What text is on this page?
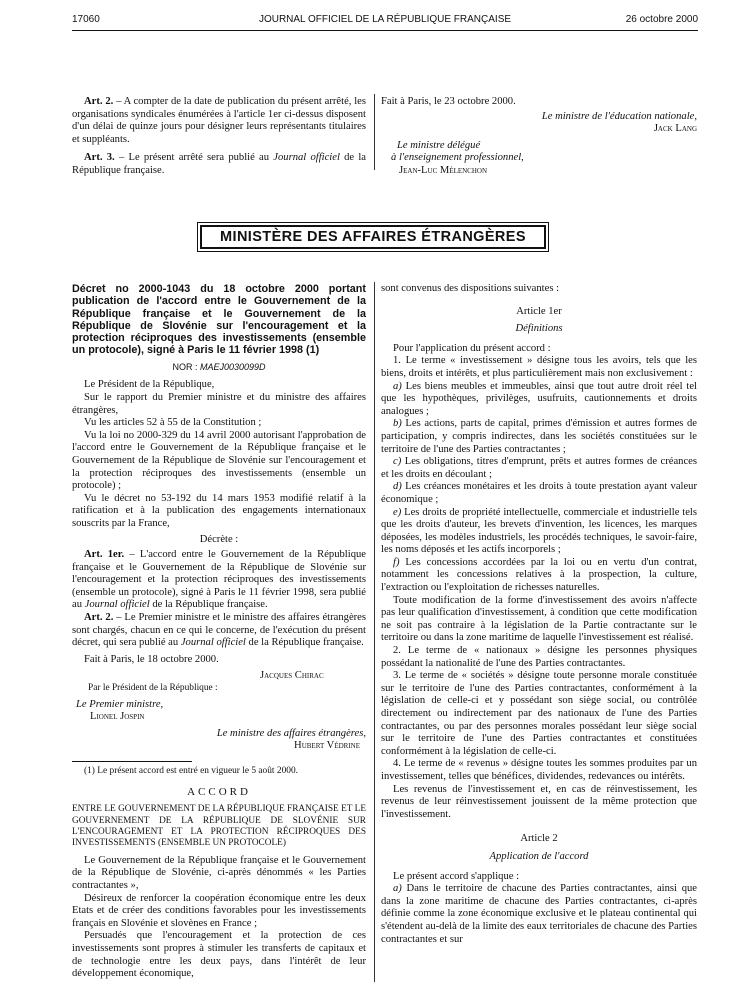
17060	JOURNAL OFFICIEL DE LA RÉPUBLIQUE FRANÇAISE	26 octobre 2000

Art. 2. – A compter de la date de publication du présent arrêté, les organisations syndicales énumérées à l'article 1er ci-dessus disposent d'un délai de quinze jours pour désigner leurs représentants titulaires et suppléants.

Art. 3. – Le présent arrêté sera publié au Journal officiel de la République française.

Fait à Paris, le 23 octobre 2000.

Le ministre de l'éducation nationale,

Jack Lang

Le ministre délégué

à l'enseignement professionnel,

Jean-Luc Mélenchon

MINISTÈRE DES AFFAIRES ÉTRANGÈRES

Décret no 2000-1043 du 18 octobre 2000 portant publication de l'accord entre le Gouvernement de la République française et le Gouvernement de la République de Slovénie sur l'encouragement et la protection réciproques des investissements (ensemble un protocole), signé à Paris le 11 février 1998 (1)

NOR : MAEJ0030099D

Le Président de la République,

Sur le rapport du Premier ministre et du ministre des affaires étrangères,

Vu les articles 52 à 55 de la Constitution ;

Vu la loi no 2000-329 du 14 avril 2000 autorisant l'approbation de l'accord entre le Gouvernement de la République française et le Gouvernement de la République de Slovénie sur l'encouragement et la protection réciproques des investissements (ensemble un protocole) ;

Vu le décret no 53-192 du 14 mars 1953 modifié relatif à la ratification et à la publication des engagements internationaux souscrits par la France,

Décrète :

Art. 1er. – L'accord entre le Gouvernement de la République française et le Gouvernement de la République de Slovénie sur l'encouragement et la protection réciproques des investissements (ensemble un protocole), signé à Paris le 11 février 1998, sera publié au Journal officiel de la République française.

Art. 2. – Le Premier ministre et le ministre des affaires étrangères sont chargés, chacun en ce qui le concerne, de l'exécution du présent décret, qui sera publié au Journal officiel de la République française.

Fait à Paris, le 18 octobre 2000.

Jacques Chirac

Par le Président de la République :

Le Premier ministre,

Lionel Jospin

Le ministre des affaires étrangères,

Hubert Védrine

(1) Le présent accord est entré en vigueur le 5 août 2000.

ACCORD

ENTRE LE GOUVERNEMENT DE LA RÉPUBLIQUE FRANÇAISE ET LE GOUVERNEMENT DE LA RÉPUBLIQUE DE SLOVÉNIE SUR L'ENCOURAGEMENT ET LA PROTECTION RÉCIPROQUES DES INVESTISSEMENTS (ENSEMBLE UN PROTOCOLE)

Le Gouvernement de la République française et le Gouvernement de la République de Slovénie, ci-après dénommés « les Parties contractantes »,

Désireux de renforcer la coopération économique entre les deux Etats et de créer des conditions favorables pour les investissements français en Slovénie et slovènes en France ;

Persuadés que l'encouragement et la protection de ces investissements sont propres à stimuler les transferts de capitaux et de technologie entre les deux pays, dans l'intérêt de leur développement économique,

sont convenus des dispositions suivantes :

Article 1er

Définitions

Pour l'application du présent accord :

1. Le terme « investissement » désigne tous les avoirs, tels que les biens, droits et intérêts, et plus particulièrement mais non exclusivement :

a) Les biens meubles et immeubles, ainsi que tout autre droit réel tel que les hypothèques, privilèges, usufruits, cautionnements et droits analogues ;

b) Les actions, parts de capital, primes d'émission et autres formes de participation, y compris indirectes, dans les sociétés constituées sur le territoire de l'une des Parties contractantes ;

c) Les obligations, titres d'emprunt, prêts et autres formes de créances et les droits en découlant ;

d) Les créances monétaires et les droits à toute prestation ayant valeur économique ;

e) Les droits de propriété intellectuelle, commerciale et industrielle tels que les droits d'auteur, les brevets d'invention, les licences, les marques déposées, les modèles industriels, les procédés techniques, le savoir-faire, les noms déposés et les actifs incorporels ;

f) Les concessions accordées par la loi ou en vertu d'un contrat, notamment les concessions relatives à la prospection, la culture, l'extraction ou l'exploitation de richesses naturelles.

Toute modification de la forme d'investissement des avoirs n'affecte pas leur qualification d'investissement, à condition que cette modification ne soit pas contraire à la législation de la Partie contractante sur le territoire ou dans la zone maritime de laquelle l'investissement est réalisé.

2. Le terme de « nationaux » désigne les personnes physiques possédant la nationalité de l'une des Parties contractantes.

3. Le terme de « sociétés » désigne toute personne morale constituée sur le territoire de l'une des Parties contractantes, conformément à la législation de celle-ci et y possédant son siège social, ou contrôlée directement ou indirectement par des nationaux de l'une des Parties contractantes, ou par des personnes morales possédant leur siège social sur le territoire de l'une des Parties contractantes et constituées conformément à la législation de celle-ci.

4. Le terme de « revenus » désigne toutes les sommes produites par un investissement, telles que bénéfices, dividendes, redevances ou intérêts.

Les revenus de l'investissement et, en cas de réinvestissement, les revenus de leur réinvestissement jouissent de la même protection que l'investissement.

Article 2

Application de l'accord

Le présent accord s'applique :

a) Dans le territoire de chacune des Parties contractantes, ainsi que dans la zone maritime de chacune des Parties contractantes, ci-après définie comme la zone économique exclusive et le plateau continental qui s'étendent au-delà de la limite des eaux territoriales de chacune des Parties contractantes et sur
